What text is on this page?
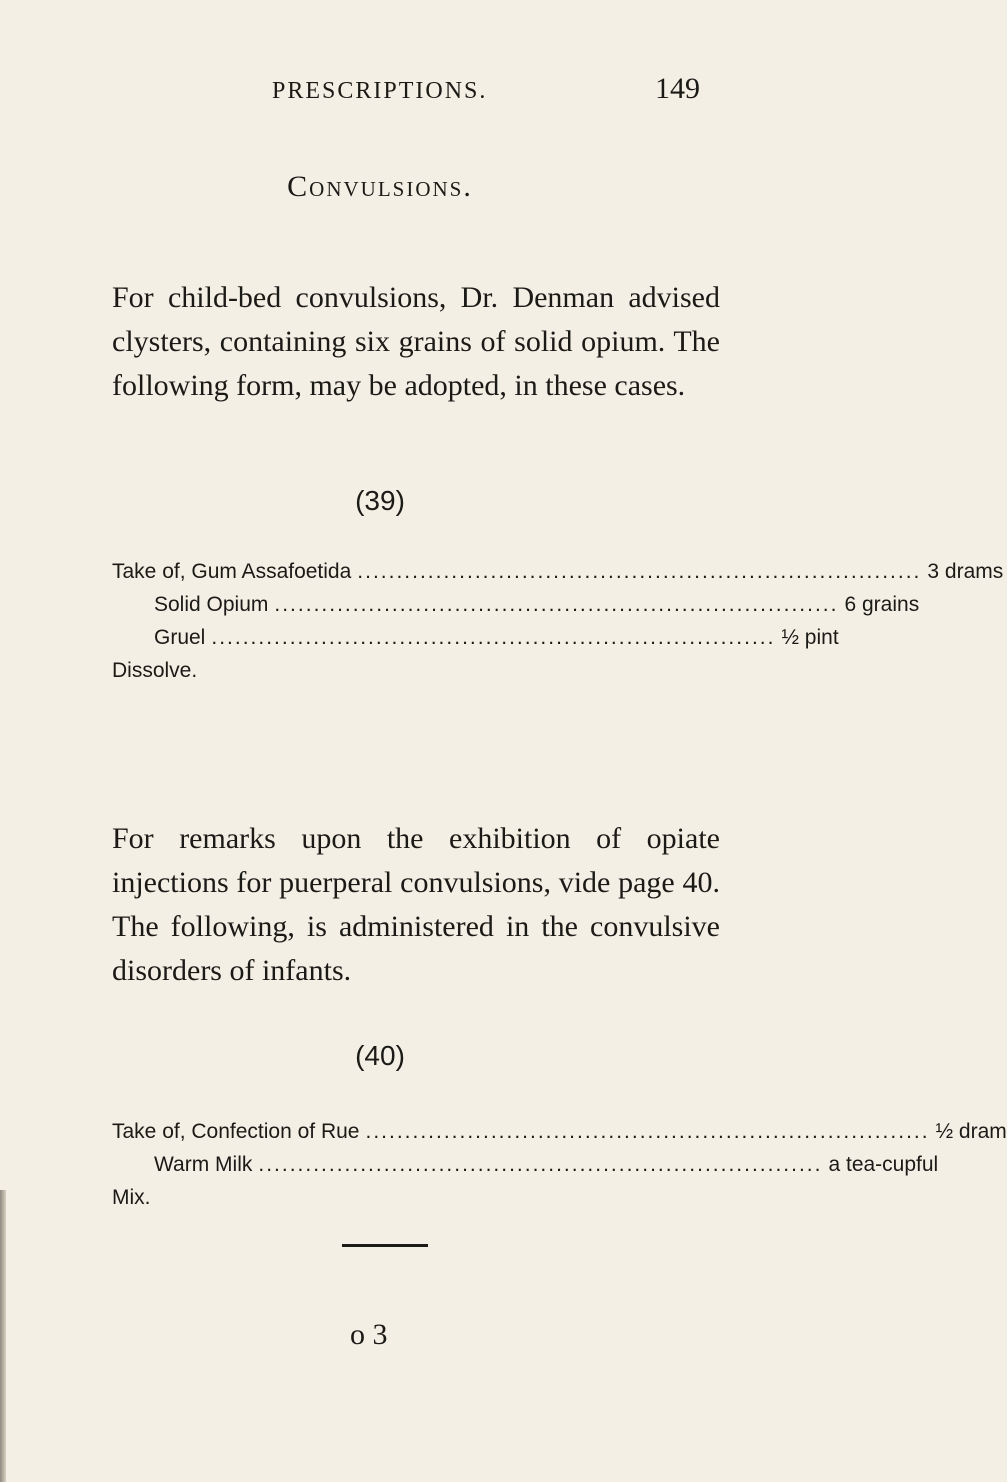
PRESCRIPTIONS.	149
Convulsions.
For child-bed convulsions, Dr. Denman advised clysters, containing six grains of solid opium. The following form, may be adopted, in these cases.
(39)
Take of, Gum Assafoetida ........................................................................ 3 drams
Solid Opium ........................................................................ 6 grains
Gruel ........................................................................ ½ pint
Dissolve.
For remarks upon the exhibition of opiate injections for puerperal convulsions, vide page 40. The following, is administered in the convulsive disorders of infants.
(40)
Take of, Confection of Rue ........................................................................ ½ dram
Warm Milk ........................................................................ a tea-cupful
Mix.
o 3
